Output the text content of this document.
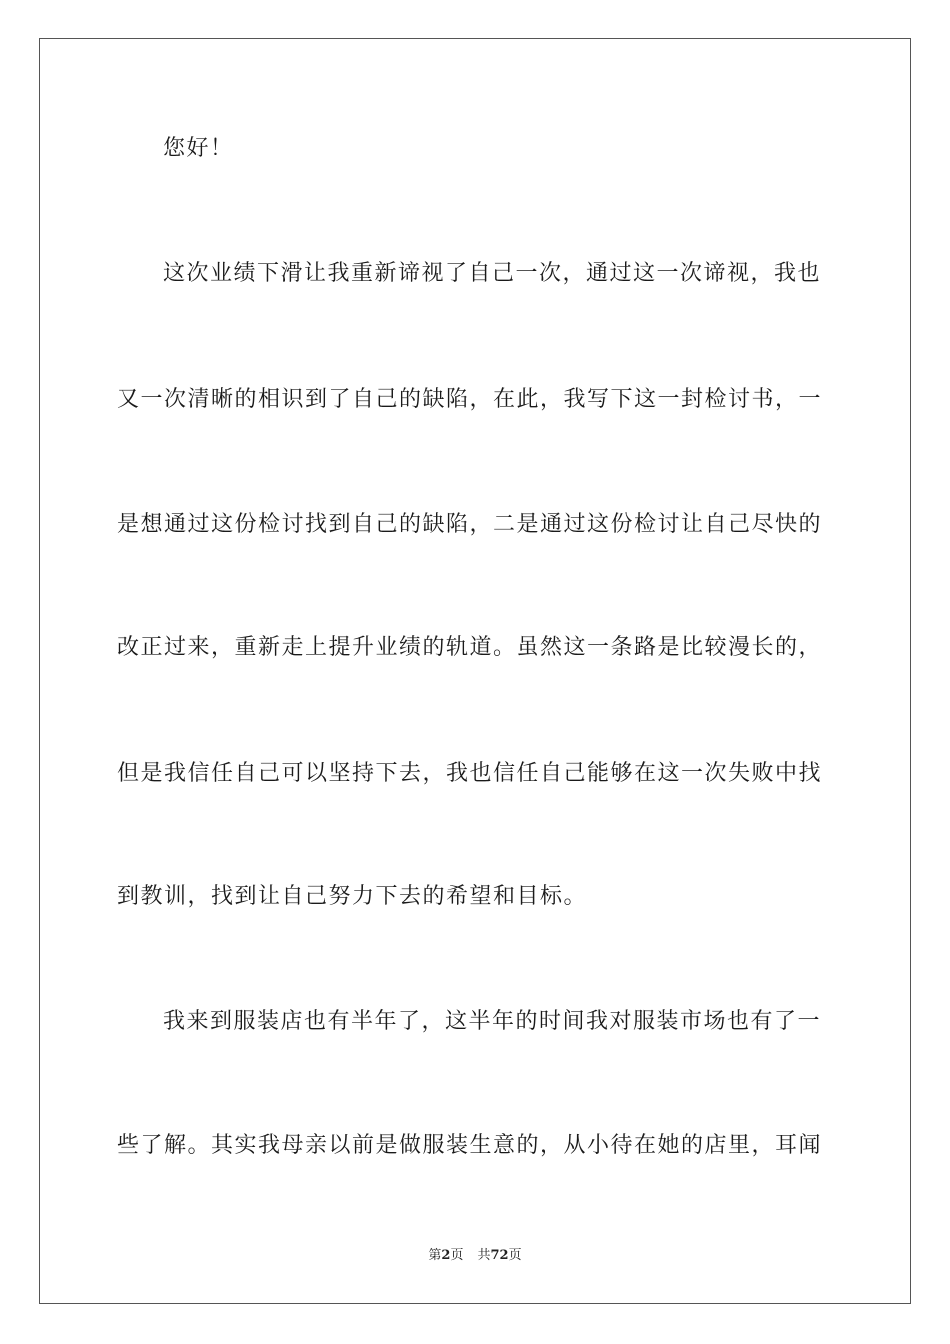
您好！
这次业绩下滑让我重新谛视了自己一次，通过这一次谛视，我也
又一次清晰的相识到了自己的缺陷，在此，我写下这一封检讨书，一
是想通过这份检讨找到自己的缺陷，二是通过这份检讨让自己尽快的
改正过来，重新走上提升业绩的轨道。虽然这一条路是比较漫长的，
但是我信任自己可以坚持下去，我也信任自己能够在这一次失败中找
到教训，找到让自己努力下去的希望和目标。
我来到服装店也有半年了，这半年的时间我对服装市场也有了一
些了解。其实我母亲以前是做服装生意的，从小待在她的店里，耳闻
第2页 共72页
